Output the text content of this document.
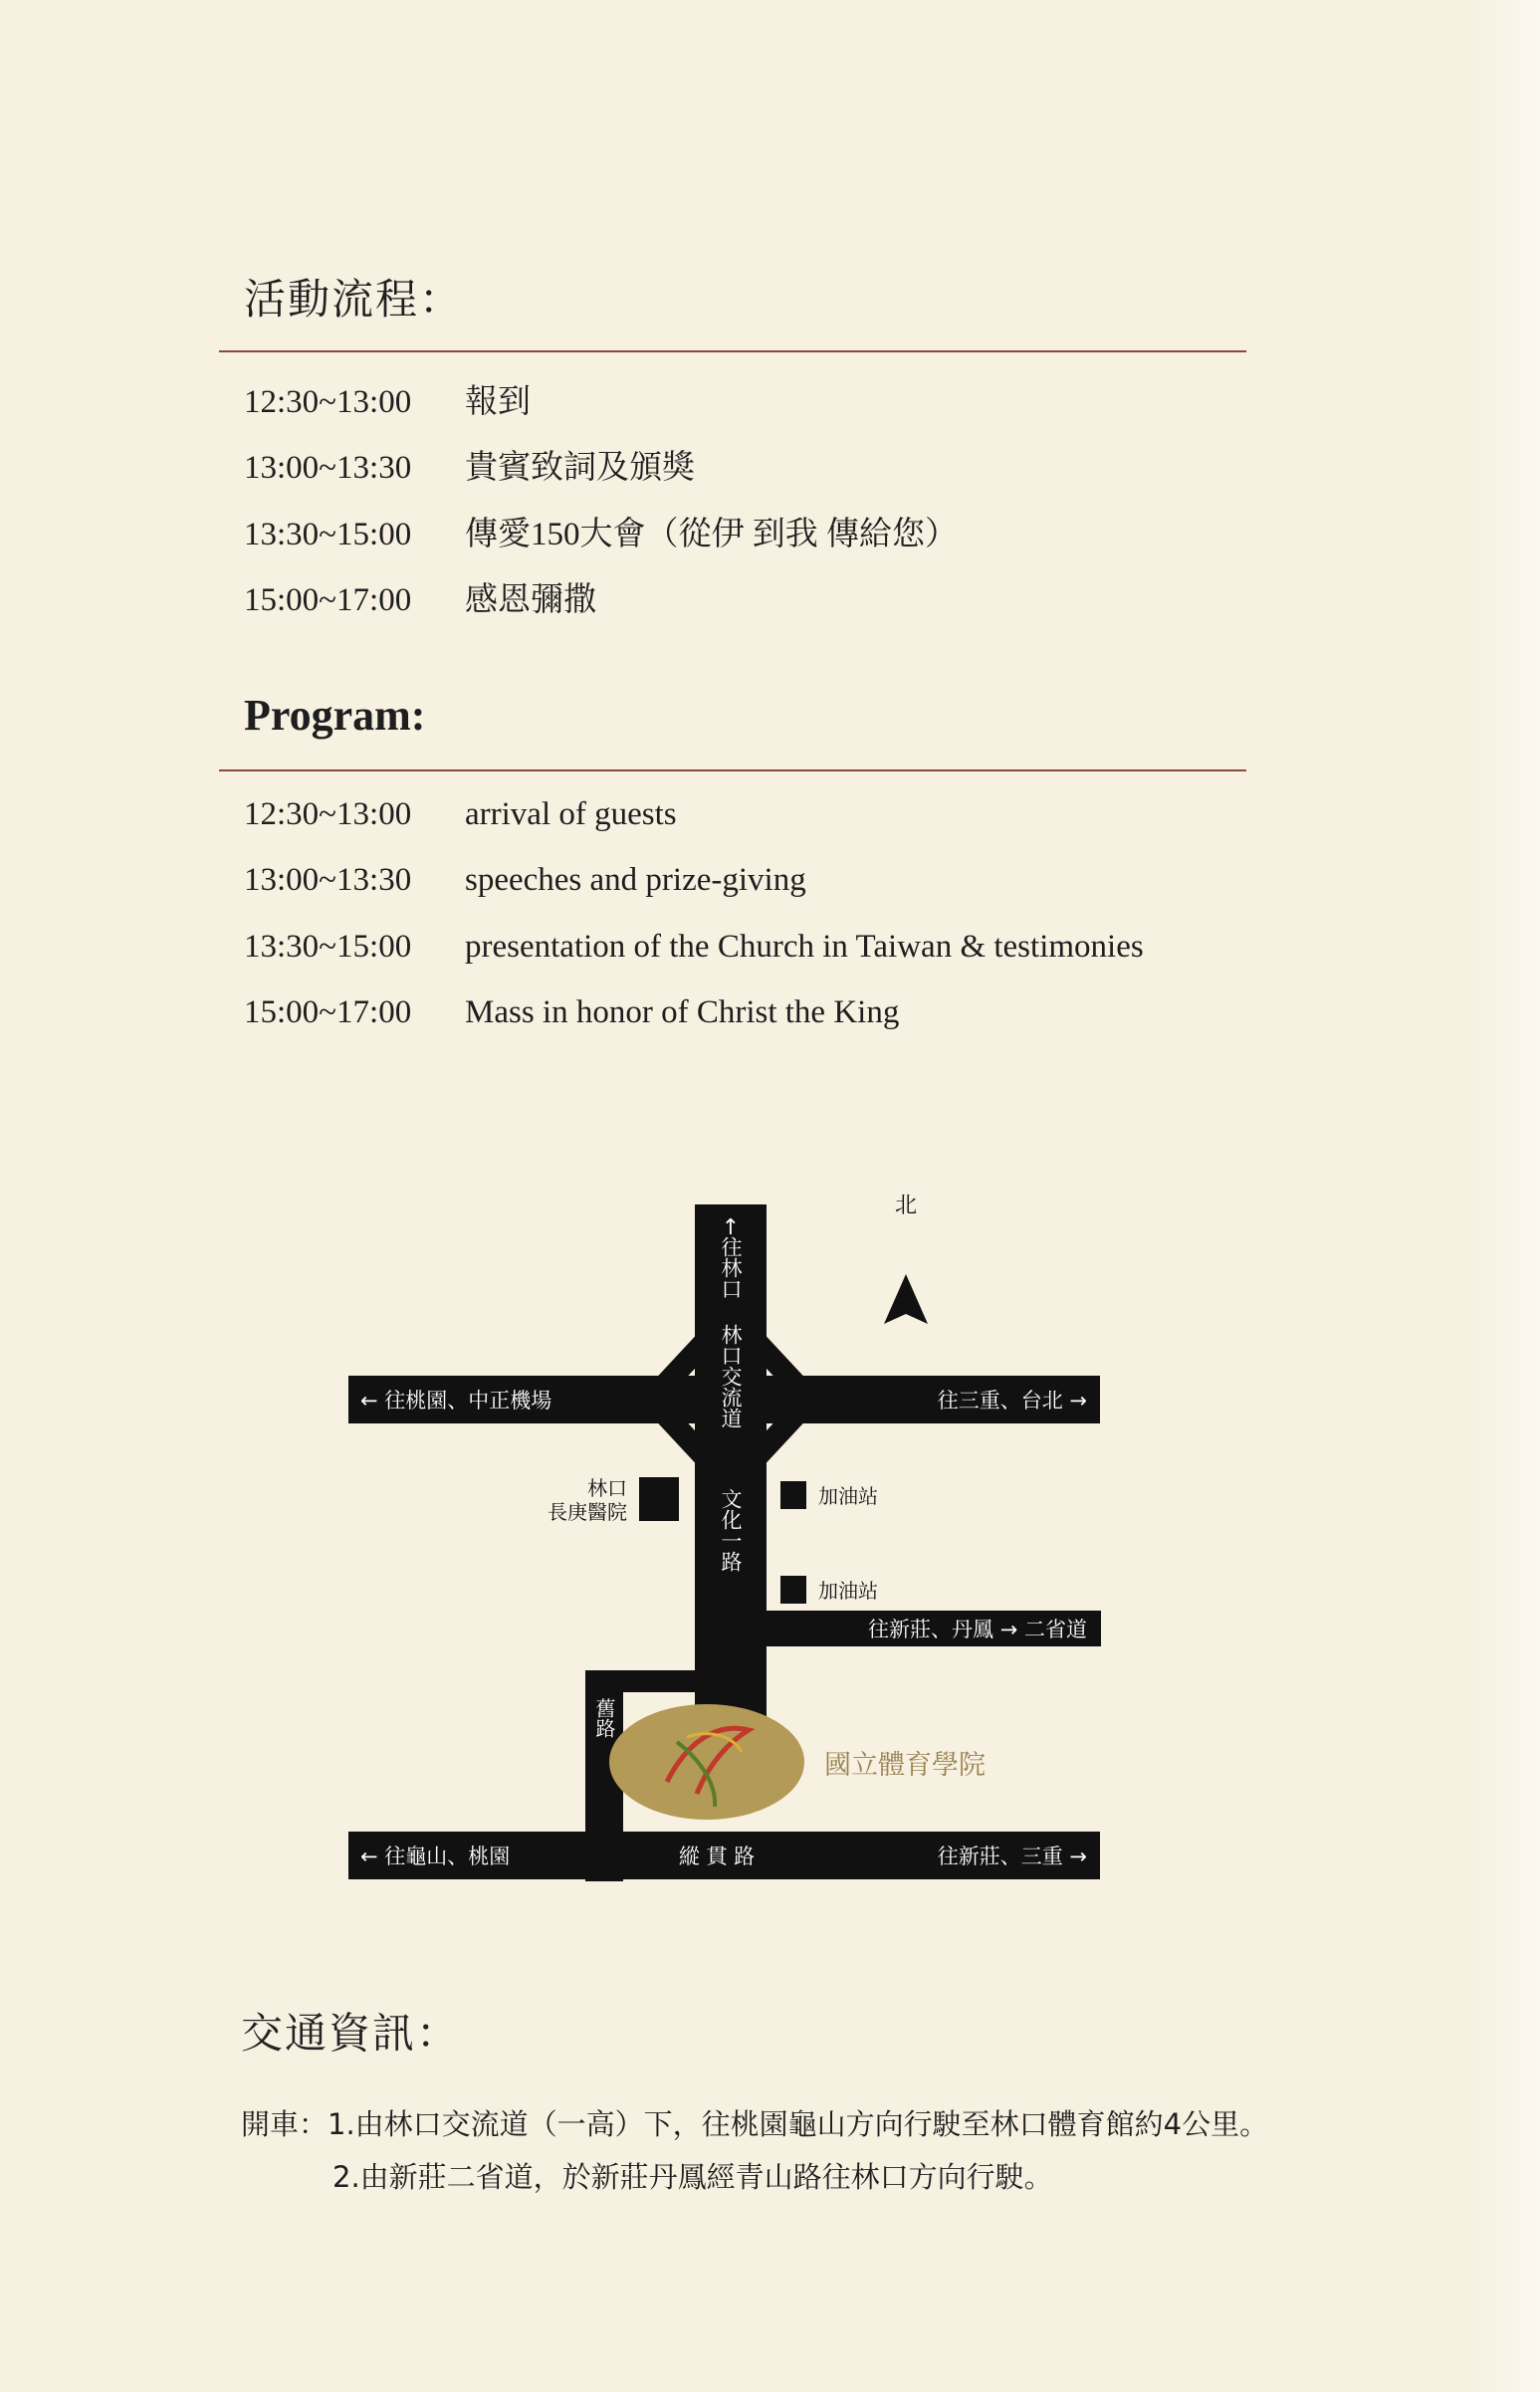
活動流程：
12:30~13:00 報到
13:00~13:30 貴賓致詞及頒獎
13:30~15:00 傳愛150大會（從伊 到我 傳給您）
15:00~17:00 感恩彌撒
Program:
12:30~13:00 arrival of guests
13:00~13:30 speeches and prize-giving
13:30~15:00 presentation of the Church in Taiwan & testimonies
15:00~17:00 Mass in honor of Christ the King
北
↑
往林口
林口交流道
文化一路
← 往桃園、中正機場	往三重、台北 →
林口
長庚醫院
加油站
加油站
往新莊、丹鳳 → 二省道
舊路
國立體育學院
← 往龜山、桃園	縱 貫 路	往新莊、三重 →
交通資訊：
開車：1.由林口交流道（一高）下，往桃園龜山方向行駛至林口體育館約4公里。
2.由新莊二省道，於新莊丹鳳經青山路往林口方向行駛。
